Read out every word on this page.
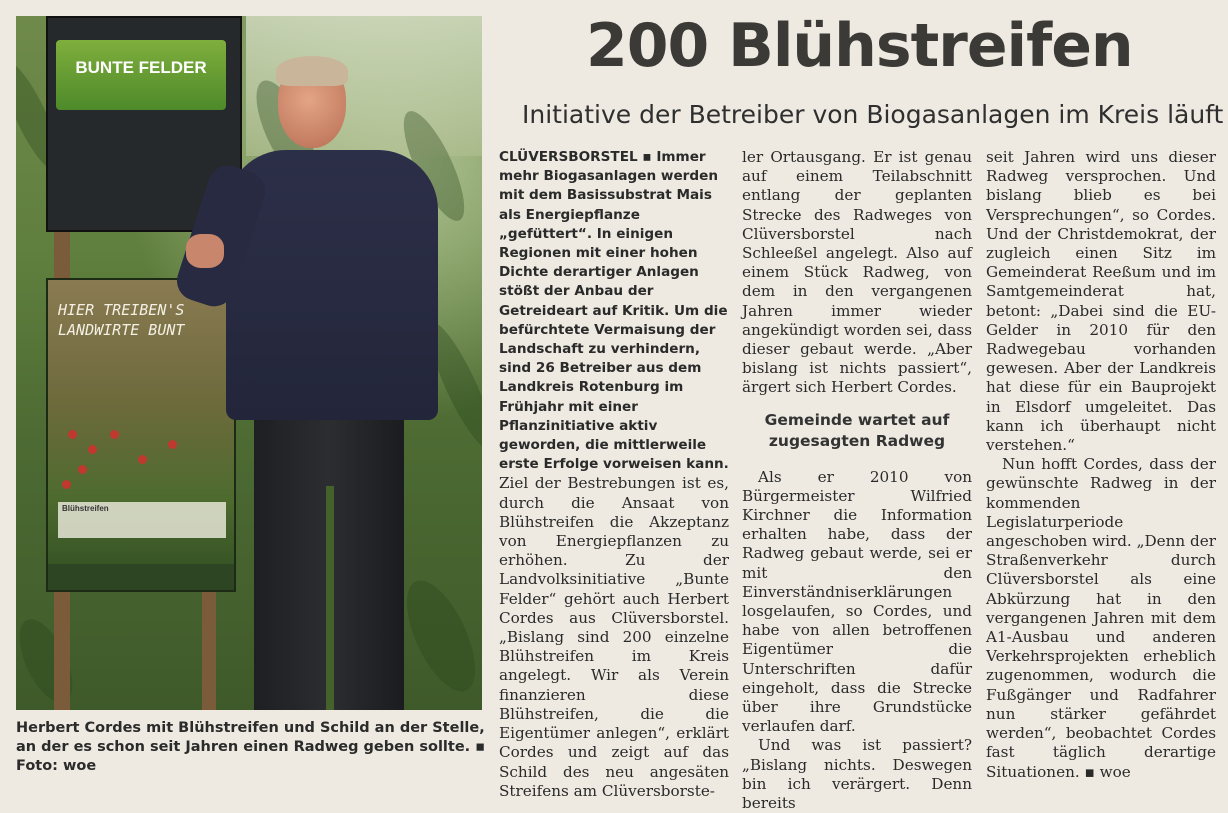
200 Blühstreifen
Initiative der Betreiber von Biogasanlagen im Kreis läuft
BUNTE FELDER
HIER TREIBEN'S
LANDWIRTE BUNT
Blühstreifen
Herbert Cordes mit Blühstreifen und Schild an der Stelle, an der es schon seit Jahren einen Radweg geben sollte. ▪ Foto: woe

CLÜVERSBORSTEL ▪ Immer mehr Biogasanlagen werden mit dem Basissubstrat Mais als Energiepflanze „gefüttert“. In einigen Regionen mit einer hohen Dichte derartiger Anlagen stößt der Anbau der Getreideart auf Kritik. Um die befürchtete Vermaisung der Landschaft zu verhindern, sind 26 Betreiber aus dem Landkreis Rotenburg im Frühjahr mit einer Pflanzinitiative aktiv geworden, die mittlerweile erste Erfolge vorweisen kann.

Ziel der Bestrebungen ist es, durch die Ansaat von Blühstreifen die Akzeptanz von Energiepflanzen zu erhöhen. Zu der Landvolksinitiative „Bunte Felder“ gehört auch Herbert Cordes aus Clüversborstel. „Bislang sind 200 einzelne Blühstreifen im Kreis angelegt. Wir als Verein finanzieren diese Blühstreifen, die die Eigentümer anlegen“, erklärt Cordes und zeigt auf das Schild des neu angesäten Streifens am Clüversborste-

ler Ortausgang. Er ist genau auf einem Teilabschnitt entlang der geplanten Strecke des Radweges von Clüversborstel nach Schleeßel angelegt. Also auf einem Stück Radweg, von dem in den vergangenen Jahren immer wieder angekündigt worden sei, dass dieser gebaut werde. „Aber bislang ist nichts passiert“, ärgert sich Herbert Cordes.

Gemeinde wartet auf zugesagten Radweg

Als er 2010 von Bürgermeister Wilfried Kirchner die Information erhalten habe, dass der Radweg gebaut werde, sei er mit den Einverständniserklärungen losgelaufen, so Cordes, und habe von allen betroffenen Eigentümer die Unterschriften dafür eingeholt, dass die Strecke über ihre Grundstücke verlaufen darf.

Und was ist passiert? „Bislang nichts. Deswegen bin ich verärgert. Denn bereits

seit Jahren wird uns dieser Radweg versprochen. Und bislang blieb es bei Versprechungen“, so Cordes. Und der Christdemokrat, der zugleich einen Sitz im Gemeinderat Reeßum und im Samtgemeinderat hat, betont: „Dabei sind die EU-Gelder in 2010 für den Radwegebau vorhanden gewesen. Aber der Landkreis hat diese für ein Bauprojekt in Elsdorf umgeleitet. Das kann ich überhaupt nicht verstehen.“

Nun hofft Cordes, dass der gewünschte Radweg in der kommenden Legislaturperiode angeschoben wird. „Denn der Straßenverkehr durch Clüversborstel als eine Abkürzung hat in den vergangenen Jahren mit dem A1-Ausbau und anderen Verkehrsprojekten erheblich zugenommen, wodurch die Fußgänger und Radfahrer nun stärker gefährdet werden“, beobachtet Cordes fast täglich derartige Situationen. ▪ woe
